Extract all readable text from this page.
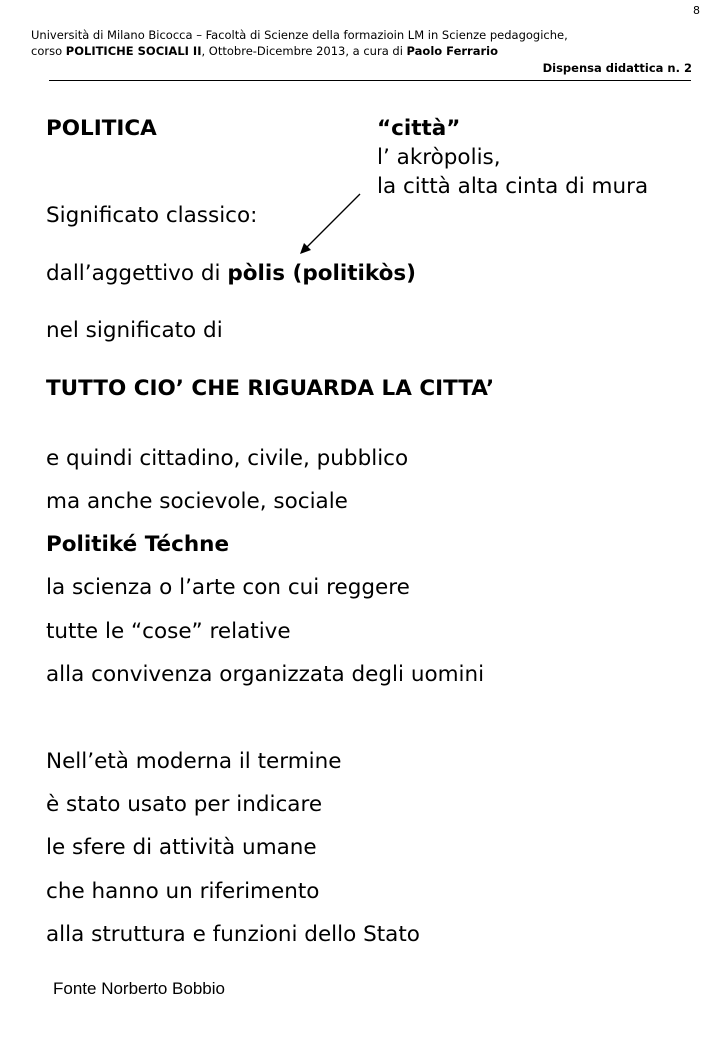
8
Università di Milano Bicocca – Facoltà di Scienze della formazioin LM in Scienze pedagogiche,
corso POLITICHE SOCIALI II, Ottobre-Dicembre 2013, a cura di Paolo Ferrario
Dispensa didattica n. 2
POLITICA	“città”
l’ akròpolis,
la città alta cinta di mura
Significato classico:
dall’aggettivo di pòlis (politikòs)
nel significato di
TUTTO CIO’ CHE RIGUARDA LA CITTA’
e quindi cittadino, civile, pubblico
ma anche socievole, sociale
Politiké Téchne
la scienza o l’arte con cui reggere
tutte le “cose” relative
alla convivenza organizzata degli uomini
Nell’età moderna il termine
è stato usato per indicare
le sfere di attività umane
che hanno un riferimento
alla struttura e funzioni dello Stato
Fonte Norberto Bobbio
